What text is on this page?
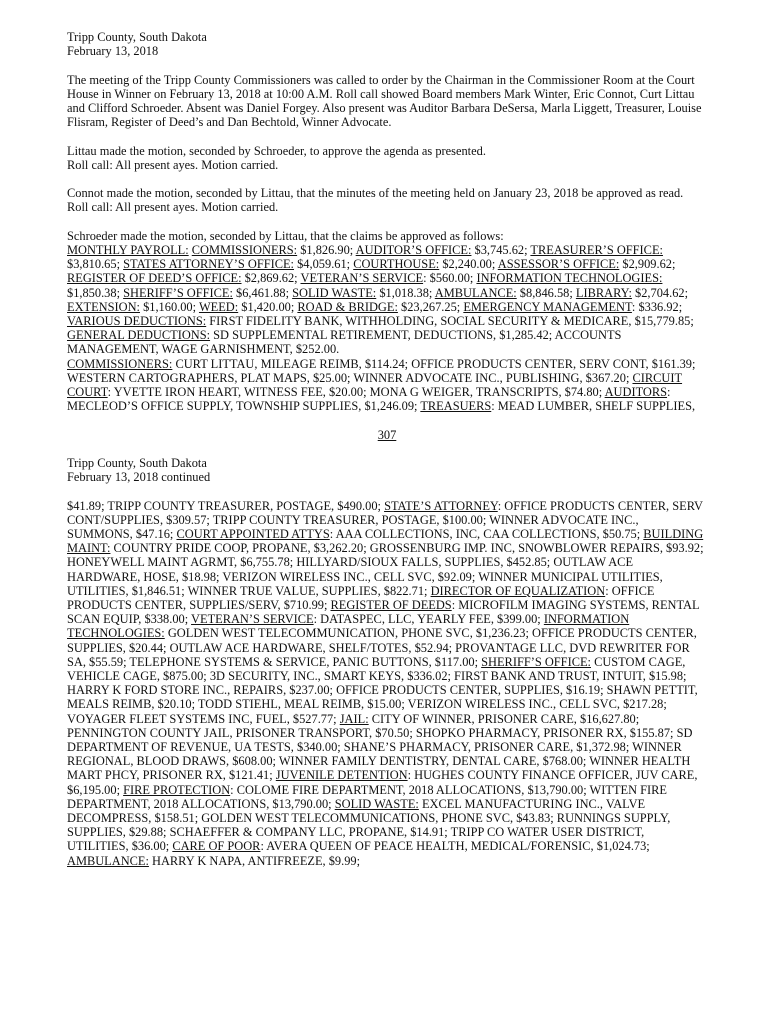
Tripp County, South Dakota

February 13, 2018

The meeting of the Tripp County Commissioners was called to order by the Chairman in the Commissioner Room at the Court House in Winner on February 13, 2018 at 10:00 A.M. Roll call showed Board members Mark Winter, Eric Connot, Curt Littau and Clifford Schroeder. Absent was Daniel Forgey. Also present was Auditor Barbara DeSersa, Marla Liggett, Treasurer, Louise Flisram, Register of Deed’s and Dan Bechtold, Winner Advocate.

Littau made the motion, seconded by Schroeder, to approve the agenda as presented.
Roll call: All present ayes. Motion carried.

Connot made the motion, seconded by Littau, that the minutes of the meeting held on January 23, 2018 be approved as read.
Roll call: All present ayes. Motion carried.

Schroeder made the motion, seconded by Littau, that the claims be approved as follows:

MONTHLY PAYROLL: COMMISSIONERS: $1,826.90; AUDITOR’S OFFICE: $3,745.62; TREASURER’S OFFICE: $3,810.65; STATES ATTORNEY’S OFFICE: $4,059.61; COURTHOUSE: $2,240.00; ASSESSOR’S OFFICE: $2,909.62; REGISTER OF DEED’S OFFICE: $2,869.62; VETERAN’S SERVICE: $560.00; INFORMATION TECHNOLOGIES: $1,850.38; SHERIFF’S OFFICE: $6,461.88; SOLID WASTE: $1,018.38; AMBULANCE: $8,846.58; LIBRARY: $2,704.62; EXTENSION: $1,160.00; WEED: $1,420.00; ROAD & BRIDGE: $23,267.25; EMERGENCY MANAGEMENT: $336.92; VARIOUS DEDUCTIONS: FIRST FIDELITY BANK, WITHHOLDING, SOCIAL SECURITY & MEDICARE, $15,779.85; GENERAL DEDUCTIONS: SD SUPPLEMENTAL RETIREMENT, DEDUCTIONS, $1,285.42; ACCOUNTS MANAGEMENT, WAGE GARNISHMENT, $252.00.

COMMISSIONERS: CURT LITTAU, MILEAGE REIMB, $114.24; OFFICE PRODUCTS CENTER, SERV CONT, $161.39; WESTERN CARTOGRAPHERS, PLAT MAPS, $25.00; WINNER ADVOCATE INC., PUBLISHING, $367.20; CIRCUIT COURT: YVETTE IRON HEART, WITNESS FEE, $20.00; MONA G WEIGER, TRANSCRIPTS, $74.80; AUDITORS: MECLEOD’S OFFICE SUPPLY, TOWNSHIP SUPPLIES, $1,246.09; TREASUERS: MEAD LUMBER, SHELF SUPPLIES,

307

Tripp County, South Dakota

February 13, 2018 continued

$41.89; TRIPP COUNTY TREASURER, POSTAGE, $490.00; STATE’S ATTORNEY: OFFICE PRODUCTS CENTER, SERV CONT/SUPPLIES, $309.57; TRIPP COUNTY TREASURER, POSTAGE, $100.00; WINNER ADVOCATE INC., SUMMONS, $47.16; COURT APPOINTED ATTYS: AAA COLLECTIONS, INC, CAA COLLECTIONS, $50.75; BUILDING MAINT: COUNTRY PRIDE COOP, PROPANE, $3,262.20; GROSSENBURG IMP. INC, SNOWBLOWER REPAIRS, $93.92; HONEYWELL MAINT AGRMT, $6,755.78; HILLYARD/SIOUX FALLS, SUPPLIES, $452.85; OUTLAW ACE HARDWARE, HOSE, $18.98; VERIZON WIRELESS INC., CELL SVC, $92.09; WINNER MUNICIPAL UTILITIES, UTILITIES, $1,846.51; WINNER TRUE VALUE, SUPPLIES, $822.71; DIRECTOR OF EQUALIZATION: OFFICE PRODUCTS CENTER, SUPPLIES/SERV, $710.99; REGISTER OF DEEDS: MICROFILM IMAGING SYSTEMS, RENTAL SCAN EQUIP, $338.00; VETERAN’S SERVICE: DATASPEC, LLC, YEARLY FEE, $399.00; INFORMATION TECHNOLOGIES: GOLDEN WEST TELECOMMUNICATION, PHONE SVC, $1,236.23; OFFICE PRODUCTS CENTER, SUPPLIES, $20.44; OUTLAW ACE HARDWARE, SHELF/TOTES, $52.94; PROVANTAGE LLC, DVD REWRITER FOR SA, $55.59; TELEPHONE SYSTEMS & SERVICE, PANIC BUTTONS, $117.00; SHERIFF’S OFFICE: CUSTOM CAGE, VEHICLE CAGE, $875.00; 3D SECURITY, INC., SMART KEYS, $336.02; FIRST BANK AND TRUST, INTUIT, $15.98; HARRY K FORD STORE INC., REPAIRS, $237.00; OFFICE PRODUCTS CENTER, SUPPLIES, $16.19; SHAWN PETTIT, MEALS REIMB, $20.10; TODD STIEHL, MEAL REIMB, $15.00; VERIZON WIRELESS INC., CELL SVC, $217.28; VOYAGER FLEET SYSTEMS INC, FUEL, $527.77; JAIL: CITY OF WINNER, PRISONER CARE, $16,627.80; PENNINGTON COUNTY JAIL, PRISONER TRANSPORT, $70.50; SHOPKO PHARMACY, PRISONER RX, $155.87; SD DEPARTMENT OF REVENUE, UA TESTS, $340.00; SHANE’S PHARMACY, PRISONER CARE, $1,372.98; WINNER REGIONAL, BLOOD DRAWS, $608.00; WINNER FAMILY DENTISTRY, DENTAL CARE, $768.00; WINNER HEALTH MART PHCY, PRISONER RX, $121.41; JUVENILE DETENTION: HUGHES COUNTY FINANCE OFFICER, JUV CARE, $6,195.00; FIRE PROTECTION: COLOME FIRE DEPARTMENT, 2018 ALLOCATIONS, $13,790.00; WITTEN FIRE DEPARTMENT, 2018 ALLOCATIONS, $13,790.00; SOLID WASTE: EXCEL MANUFACTURING INC., VALVE DECOMPRESS, $158.51; GOLDEN WEST TELECOMMUNICATIONS, PHONE SVC, $43.83; RUNNINGS SUPPLY, SUPPLIES, $29.88; SCHAEFFER & COMPANY LLC, PROPANE, $14.91; TRIPP CO WATER USER DISTRICT, UTILITIES, $36.00; CARE OF POOR: AVERA QUEEN OF PEACE HEALTH, MEDICAL/FORENSIC, $1,024.73; AMBULANCE: HARRY K NAPA, ANTIFREEZE, $9.99;
